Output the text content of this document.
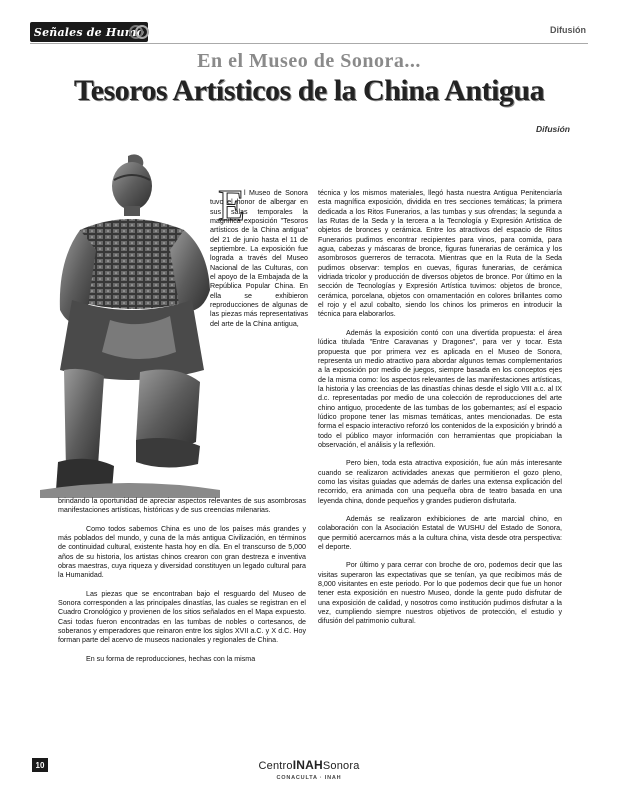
Señales de Humo	Difusión
En el Museo de Sonora...
Tesoros Artísticos de la China Antigua
Difusión
E l Museo de Sonora tuvo el honor de albergar en sus salas temporales la magnífica exposición "Tesoros artísticos de la China antigua" del 21 de junio hasta el 11 de septiembre. La exposición fue lograda a través del Museo Nacional de las Culturas, con el apoyo de la Embajada de la República Popular China. En ella se exhibieron reproducciones de algunas de las piezas más representativas del arte de la China antigua,

brindando la oportunidad de apreciar aspectos relevantes de sus asombrosas manifestaciones artísticas, históricas y de sus creencias milenarias.

Como todos sabemos China es uno de los países más grandes y más poblados del mundo, y cuna de la más antigua Civilización, en términos de continuidad cultural, existente hasta hoy en día. En el transcurso de 5,000 años de su historia, los artistas chinos crearon con gran destreza e inventiva obras maestras, cuya riqueza y diversidad constituyen un legado cultural para la Humanidad.

Las piezas que se encontraban bajo el resguardo del Museo de Sonora corresponden a las principales dinastías, las cuales se registran en el Cuadro Cronológico y provienen de los sitios señalados en el Mapa expuesto. Casi todas fueron encontradas en las tumbas de nobles o cortesanos, de soberanos y emperadores que reinaron entre los siglos XVII a.C. y X d.C. Hoy forman parte del acervo de museos nacionales y regionales de China.

En su forma de reproducciones, hechas con la misma

técnica y los mismos materiales, llegó hasta nuestra Antigua Penitenciaría esta magnífica exposición, dividida en tres secciones temáticas; la primera dedicada a los Ritos Funerarios, a las tumbas y sus ofrendas; la segunda a las Rutas de la Seda y la tercera a la Tecnología y Expresión Artística de objetos de bronces y cerámica. Entre los atractivos del espacio de Ritos Funerarios pudimos encontrar recipientes para vinos, para comida, para agua, cabezas y máscaras de bronce, figuras funerarias de cerámica y los asombrosos guerreros de terracota. Mientras que en la Ruta de la Seda pudimos observar: templos en cuevas, figuras funerarias, de cerámica vidriada tricolor y producción de diversos objetos de bronce. Por último en la sección de Tecnologías y Expresión Artística tuvimos: objetos de bronce, cerámica, porcelana, objetos con ornamentación en colores brillantes como el rojo y el azul cobalto, siendo los chinos los primeros en introducir la técnica para elaborarlos.

Además la exposición contó con una divertida propuesta: el área lúdica titulada "Entre Caravanas y Dragones", para ver y tocar. Esta propuesta que por primera vez es aplicada en el Museo de Sonora, representa un medio atractivo para abordar algunos temas complementarios a la exposición por medio de juegos, siempre basada en los conceptos ejes de la misma como: los aspectos relevantes de las manifestaciones artísticas, la historia y las creencias de las dinastías chinas desde el siglo VIII a.c. al IX d.c. representadas por medio de una colección de reproducciones del arte chino antiguo, procedente de las tumbas de los gobernantes; así el espacio lúdico propone tener las mismas temáticas, antes mencionadas. De esta forma el espacio interactivo reforzó los contenidos de la exposición y brindó a todo el público mayor información con herramientas que propiciaban la observación, el análisis y la reflexión.

Pero bien, toda esta atractiva exposición, fue aún más interesante cuando se realizaron actividades anexas que permitieron el gozo pleno, como las visitas guiadas que además de darles una extensa explicación del recorrido, era animada con una pequeña obra de teatro basada en una leyenda china, donde pequeños y grandes pudieron disfrutarla.

Además se realizaron exhibiciones de arte marcial chino, en colaboración con la Asociación Estatal de WUSHU del Estado de Sonora, que permitió acercarnos más a la cultura china, vista desde otra perspectiva: el deporte.

Por último y para cerrar con broche de oro, podemos decir que las visitas superaron las expectativas que se tenían, ya que recibimos más de 8,000 visitantes en este periodo. Por lo que podemos decir que fue un honor tener esta exposición en nuestro Museo, donde la gente pudo disfrutar de una exposición de calidad, y nosotros como institución pudimos disfrutar a la vez, cumpliendo siempre nuestros objetivos de protección, el estudio y difusión del patrimonio cultural.

10	CentroINAHSonora
CONACULTA · INAH
